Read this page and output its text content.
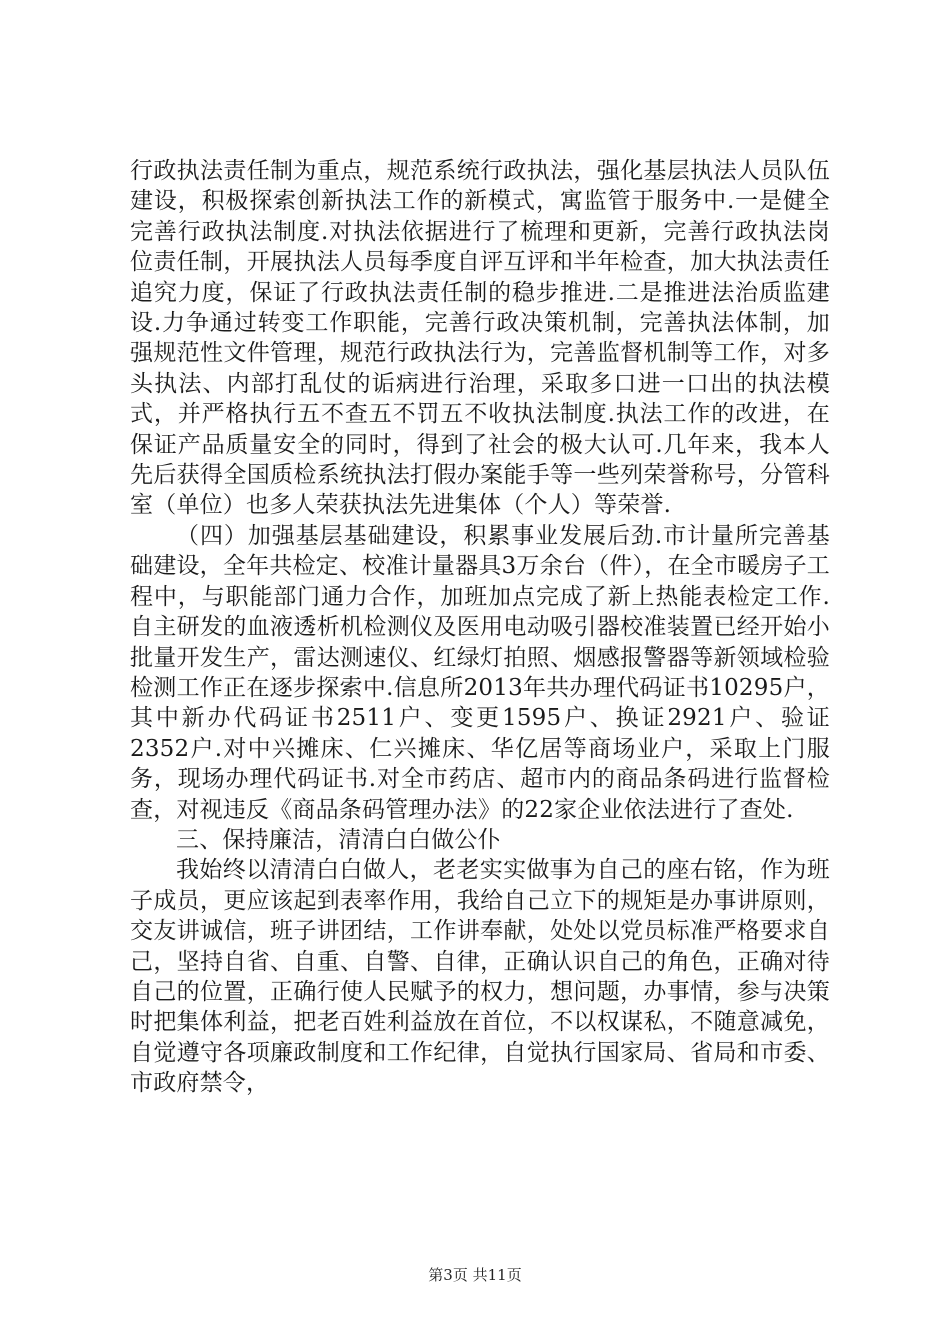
行政执法责任制为重点，规范系统行政执法，强化基层执法人员队伍建设，积极探索创新执法工作的新模式，寓监管于服务中.一是健全完善行政执法制度.对执法依据进行了梳理和更新，完善行政执法岗位责任制，开展执法人员每季度自评互评和半年检查，加大执法责任追究力度，保证了行政执法责任制的稳步推进.二是推进法治质监建设.力争通过转变工作职能，完善行政决策机制，完善执法体制，加强规范性文件管理，规范行政执法行为，完善监督机制等工作，对多头执法、内部打乱仗的诟病进行治理，采取多口进一口出的执法模式，并严格执行五不查五不罚五不收执法制度.执法工作的改进，在保证产品质量安全的同时，得到了社会的极大认可.几年来，我本人先后获得全国质检系统执法打假办案能手等一些列荣誉称号，分管科室（单位）也多人荣获执法先进集体（个人）等荣誉.

（四）加强基层基础建设，积累事业发展后劲.市计量所完善基础建设，全年共检定、校准计量器具3万余台（件），在全市暖房子工程中，与职能部门通力合作，加班加点完成了新上热能表检定工作.自主研发的血液透析机检测仪及医用电动吸引器校准装置已经开始小批量开发生产，雷达测速仪、红绿灯拍照、烟感报警器等新领域检验检测工作正在逐步探索中.信息所2013年共办理代码证书10295户，其中新办代码证书2511户、变更1595户、换证2921户、验证2352户.对中兴摊床、仁兴摊床、华亿居等商场业户，采取上门服务，现场办理代码证书.对全市药店、超市内的商品条码进行监督检查，对视违反《商品条码管理办法》的22家企业依法进行了查处.

三、保持廉洁，清清白白做公仆

我始终以清清白白做人，老老实实做事为自己的座右铭，作为班子成员，更应该起到表率作用，我给自己立下的规矩是办事讲原则，交友讲诚信，班子讲团结，工作讲奉献，处处以党员标准严格要求自己，坚持自省、自重、自警、自律，正确认识自己的角色，正确对待自己的位置，正确行使人民赋予的权力，想问题，办事情，参与决策时把集体利益，把老百姓利益放在首位，不以权谋私，不随意减免，自觉遵守各项廉政制度和工作纪律，自觉执行国家局、省局和市委、市政府禁令，

第3页 共11页
